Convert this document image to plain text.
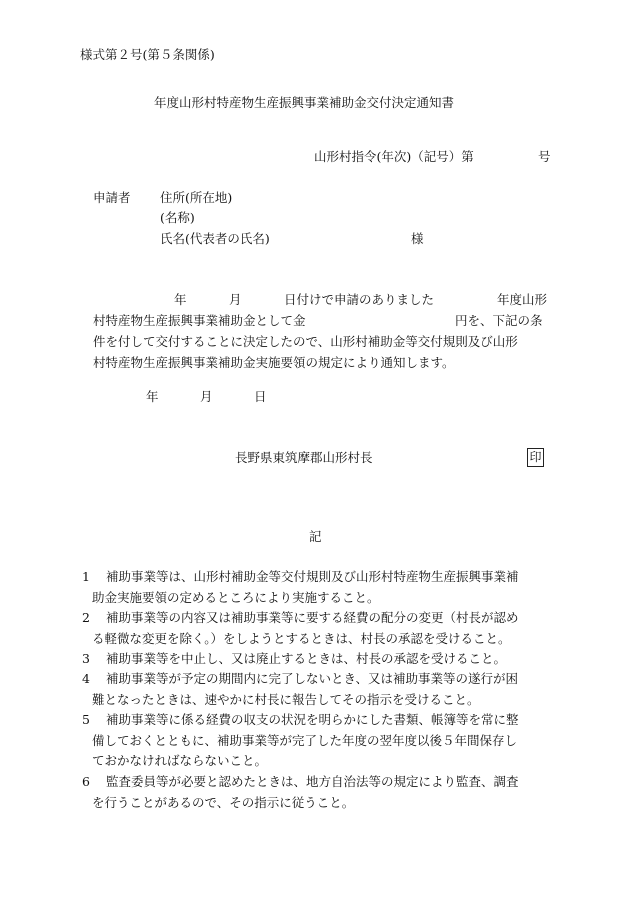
様式第２号(第５条関係)
年度山形村特産物生産振興事業補助金交付決定通知書
山形村指令(年次)（記号）第	号
申請者 住所(所在地)
(名称)
氏名(代表者の氏名)	様
年	月	日付けで申請のありました	年度山形
村特産物生産振興事業補助金として金	円を、下記の条
件を付して交付することに決定したので、山形村補助金等交付規則及び山形
村特産物生産振興事業補助金実施要領の規定により通知します。
年	月	日
長野県東筑摩郡山形村長	印
記
1	補助事業等は、山形村補助金等交付規則及び山形村特産物生産振興事業補
助金実施要領の定めるところにより実施すること。
2	補助事業等の内容又は補助事業等に要する経費の配分の変更（村長が認め
る軽微な変更を除く。）をしようとするときは、村長の承認を受けること。
3	補助事業等を中止し、又は廃止するときは、村長の承認を受けること。
4	補助事業等が予定の期間内に完了しないとき、又は補助事業等の遂行が困
難となったときは、速やかに村長に報告してその指示を受けること。
5	補助事業等に係る経費の収支の状況を明らかにした書類、帳簿等を常に整
備しておくとともに、補助事業等が完了した年度の翌年度以後５年間保存し
ておかなければならないこと。
6	監査委員等が必要と認めたときは、地方自治法等の規定により監査、調査
を行うことがあるので、その指示に従うこと。
